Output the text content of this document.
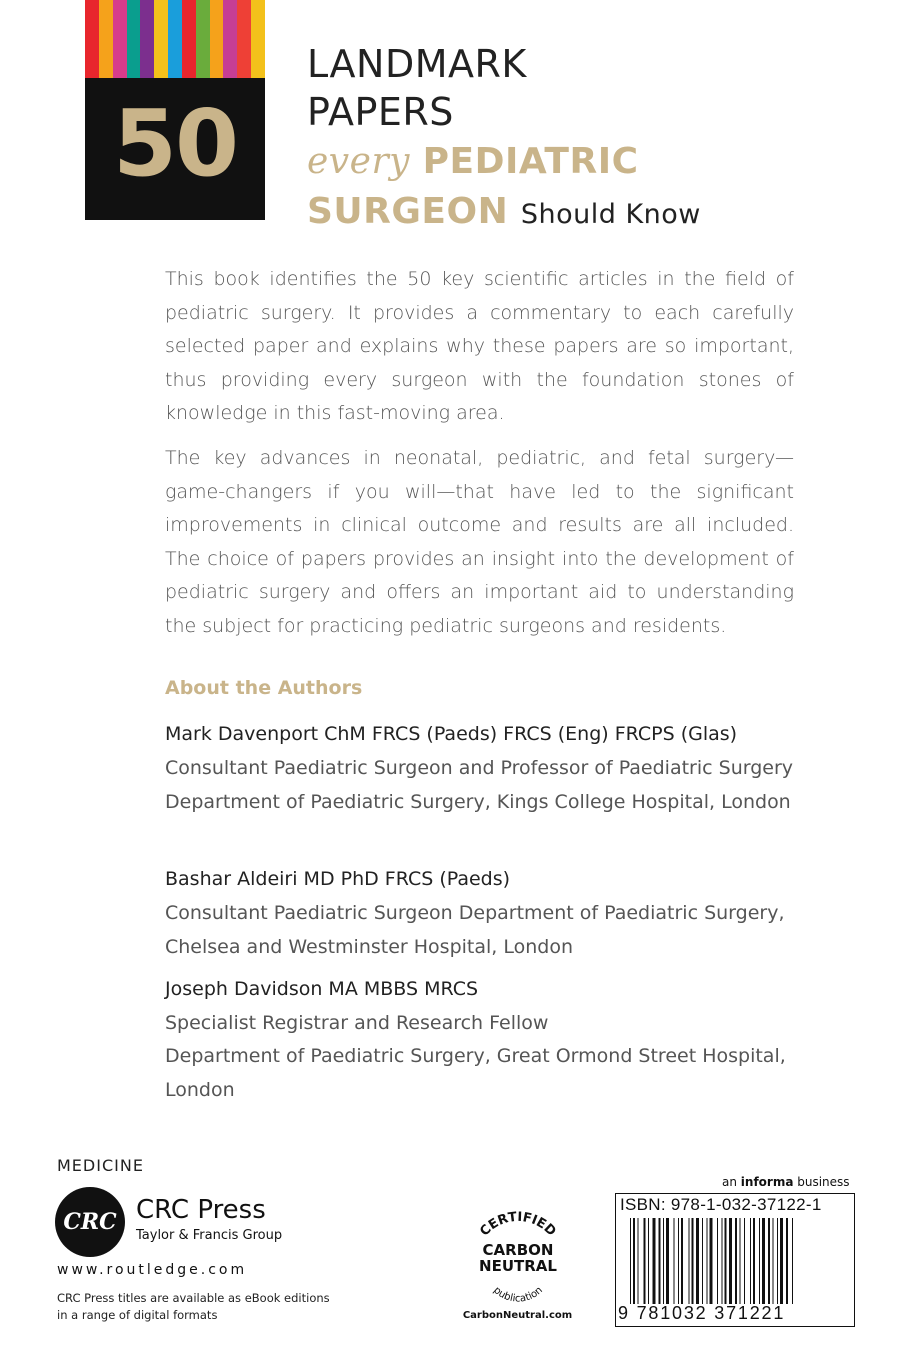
50
LANDMARK
PAPERS
every PEDIATRIC
SURGEON Should Know

This book identifies the 50 key scientific articles in the field of pediatric surgery. It provides a commentary to each carefully selected paper and explains why these papers are so important, thus providing every surgeon with the foundation stones of knowledge in this fast-moving area.

The key advances in neonatal, pediatric, and fetal surgery—game-changers if you will—that have led to the significant improvements in clinical outcome and results are all included. The choice of papers provides an insight into the development of pediatric surgery and offers an important aid to understanding the subject for practicing pediatric surgeons and residents.

About the Authors
Mark Davenport ChM FRCS (Paeds) FRCS (Eng) FRCPS (Glas)
Consultant Paediatric Surgeon and Professor of Paediatric Surgery Department of Paediatric Surgery, Kings College Hospital, London
Bashar Aldeiri MD PhD FRCS (Paeds)
Consultant Paediatric Surgeon Department of Paediatric Surgery, Chelsea and Westminster Hospital, London
Joseph Davidson MA MBBS MRCS
Specialist Registrar and Research Fellow
Department of Paediatric Surgery, Great Ormond Street Hospital, London
MEDICINE
CRC CRC Press
Taylor & Francis Group
www.routledge.com
CRC Press titles are available as eBook editions in a range of digital formats
CERTIFIED
CARBON
NEUTRAL
publication
CarbonNeutral.com
an informa business
ISBN: 978-1-032-37122-1
9 781032 371221
